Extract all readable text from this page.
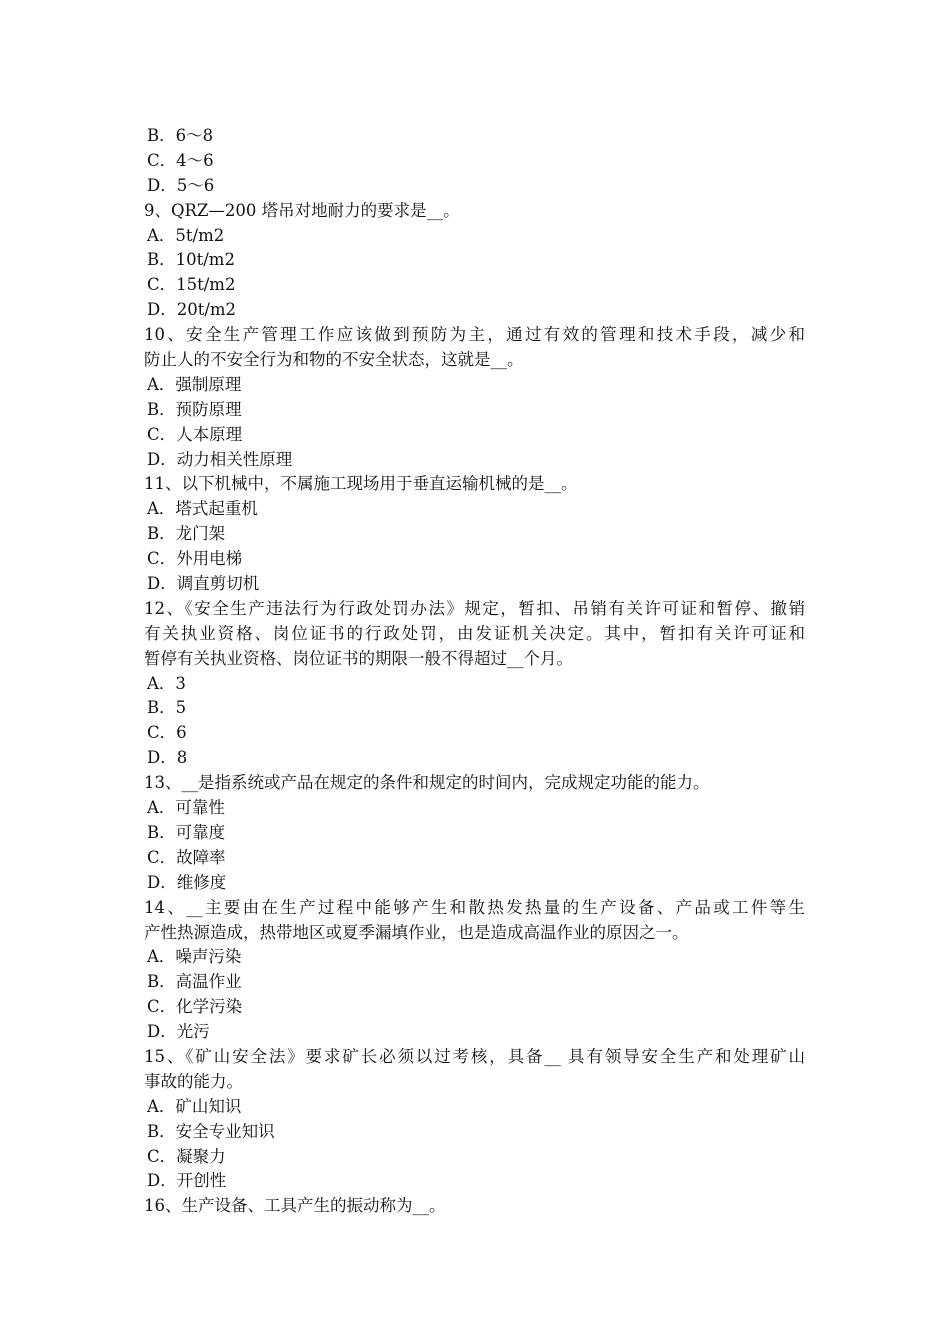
B．6～8
C．4～6
D．5～6
9、QRZ—200 塔吊对地耐力的要求是__。
A．5t/m2
B．10t/m2
C．15t/m2
D．20t/m2
10、安全生产管理工作应该做到预防为主，通过有效的管理和技术手段，减少和
防止人的不安全行为和物的不安全状态，这就是__。
A．强制原理
B．预防原理
C．人本原理
D．动力相关性原理
11、以下机械中，不属施工现场用于垂直运输机械的是__。
A．塔式起重机
B．龙门架
C．外用电梯
D．调直剪切机
12、《安全生产违法行为行政处罚办法》规定，暂扣、吊销有关许可证和暂停、撤销
有关执业资格、岗位证书的行政处罚，由发证机关决定。其中，暂扣有关许可证和
暂停有关执业资格、岗位证书的期限一般不得超过__个月。
A．3
B．5
C．6
D．8
13、__是指系统或产品在规定的条件和规定的时间内，完成规定功能的能力。
A．可靠性
B．可靠度
C．故障率
D．维修度
14、__主要由在生产过程中能够产生和散热发热量的生产设备、产品或工件等生
产性热源造成，热带地区或夏季漏填作业，也是造成高温作业的原因之一。
A．噪声污染
B．高温作业
C．化学污染
D．光污
15、《矿山安全法》要求矿长必须以过考核，具备__ 具有领导安全生产和处理矿山
事故的能力。
A．矿山知识
B．安全专业知识
C．凝聚力
D．开创性
16、生产设备、工具产生的振动称为__。
